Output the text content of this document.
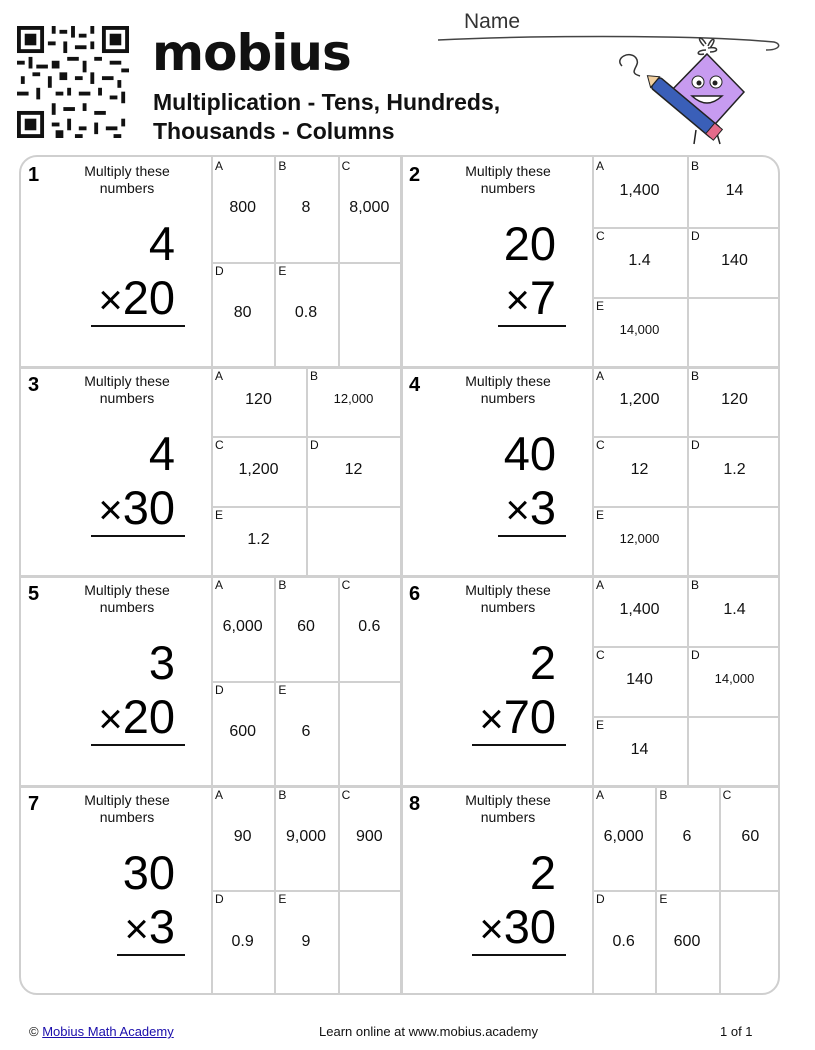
mobius
Multiplication - Tens, Hundreds,
Thousands - Columns
Name
1	Multiply these numbers
4
×20
A
800
B
8
C
8,000
D
80
E
0.8
2	Multiply these numbers
20
×7
A
1,400
B
14
C
1.4
D
140
E
14,000
3	Multiply these numbers
4
×30
A
120
B
12,000
C
1,200
D
12
E
1.2
4	Multiply these numbers
40
×3
A
1,200
B
120
C
12
D
1.2
E
12,000
5	Multiply these numbers
3
×20
A
6,000
B
60
C
0.6
D
600
E
6
6	Multiply these numbers
2
×70
A
1,400
B
1.4
C
140
D
14,000
E
14
7	Multiply these numbers
30
×3
A
90
B
9,000
C
900
D
0.9
E
9
8	Multiply these numbers
2
×30
A
6,000
B
6
C
60
D
0.6
E
600
© Mobius Math Academy	Learn online at www.mobius.academy	1 of 1
